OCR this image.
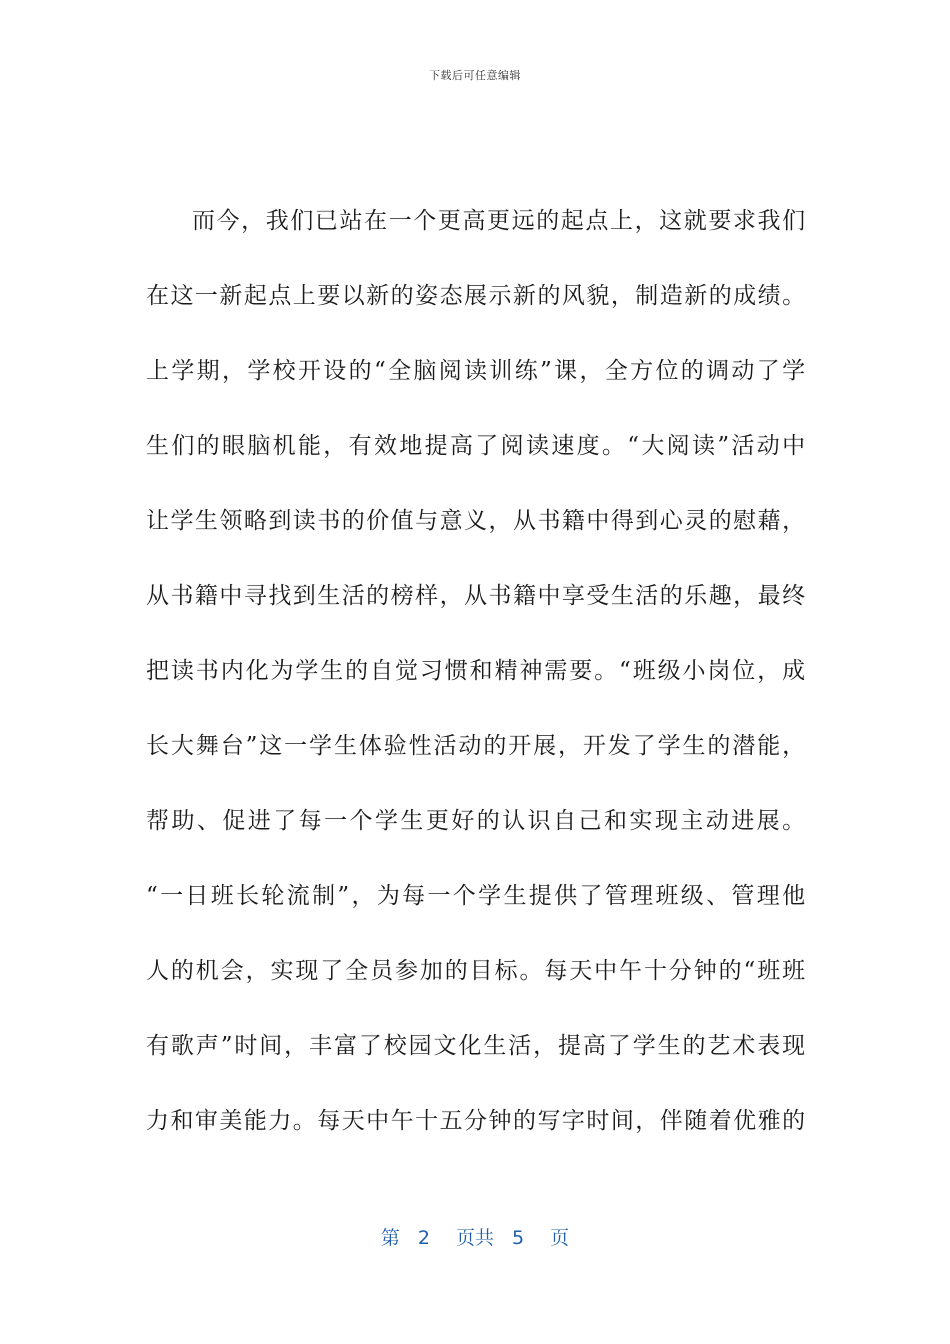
下载后可任意编辑
而今，我们已站在一个更高更远的起点上，这就要求我们
在这一新起点上要以新的姿态展示新的风貌，制造新的成绩。
上学期，学校开设的“全脑阅读训练”课，全方位的调动了学
生们的眼脑机能，有效地提高了阅读速度。“大阅读”活动中
让学生领略到读书的价值与意义，从书籍中得到心灵的慰藉，
从书籍中寻找到生活的榜样，从书籍中享受生活的乐趣，最终
把读书内化为学生的自觉习惯和精神需要。“班级小岗位，成
长大舞台”这一学生体验性活动的开展，开发了学生的潜能，
帮助、促进了每一个学生更好的认识自己和实现主动进展。
“一日班长轮流制”，为每一个学生提供了管理班级、管理他
人的机会，实现了全员参加的目标。每天中午十分钟的“班班
有歌声”时间，丰富了校园文化生活，提高了学生的艺术表现
力和审美能力。每天中午十五分钟的写字时间，伴随着优雅的
第 2 页共 5 页
